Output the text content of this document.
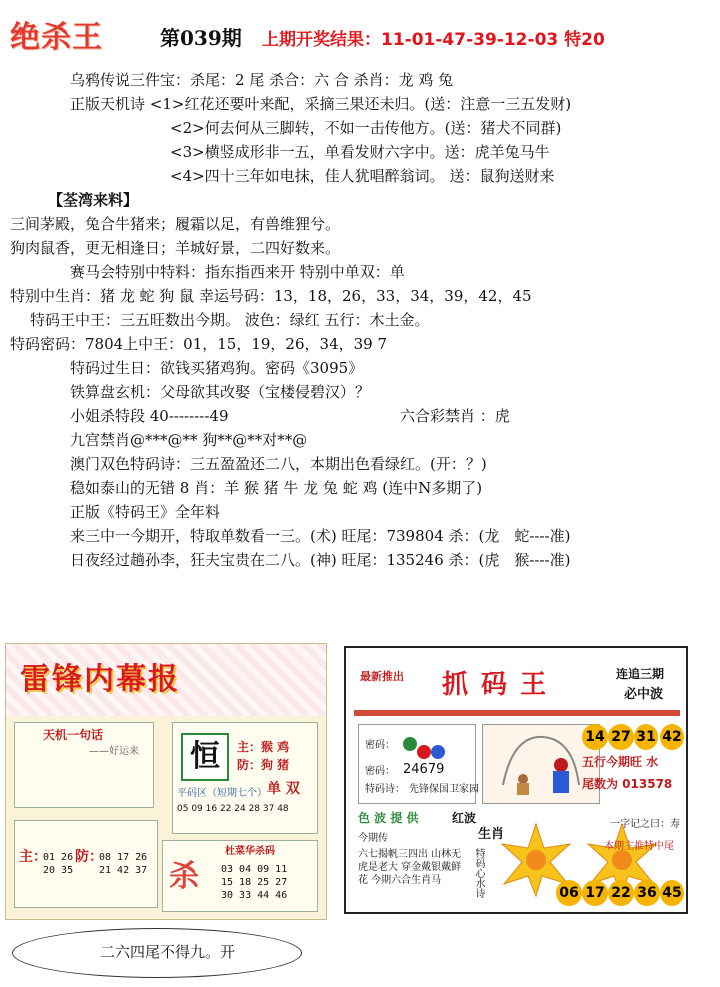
绝杀王	第039期 上期开奖结果：11-01-47-39-12-03 特20
乌鸦传说三件宝：杀尾：2 尾 杀合：六 合 杀肖：龙 鸡 兔
正版天机诗 <1>红花还要叶来配，采摘三果还未归。(送：注意一三五发财)
<2>何去何从三脚转，不如一击传他方。(送：猪犬不同群)
<3>横竖成形非一五，单看发财六字中。送：虎羊兔马牛
<4>四十三年如电抹，佳人犹唱醉翁词。 送：鼠狗送财来
【荃湾来料】
三间茅殿，兔合牛猪来；履霜以足，有兽维狸兮。
狗肉鼠香，更无相逢日；羊城好景，二四好数来。
赛马会特别中特料：指东指西来开 特别中单双：单
特别中生肖：猪 龙 蛇 狗 鼠 幸运号码：13，18，26，33，34，39，42，45
特码王中王：三五旺数出今期。 波色：绿红 五行：木土金。
特码密码：7804上中王：01，15，19，26，34，39 7
特码过生日：欲钱买猪鸡狗。密码《3095》
铁算盘玄机：父母欲其改娶（宝楼侵碧汉）？
小姐杀特段 40--------49	六合彩禁肖 ：虎
九宫禁肖@***@** 狗**@**对**@
澳门双色特码诗：三五盈盈还二八，本期出色看绿红。(开：？)
稳如泰山的无错 8 肖：羊 猴 猪 牛 龙 兔 蛇 鸡 (连中N多期了)
正版《特码王》全年料
来三中一今期开，特取单数看一三。(术) 旺尾：739804 杀：(龙　蛇----准)
日夜经过趟孙李，狂夫宝贵在二八。(神) 旺尾：135246 杀：(虎　猴----准)
雷锋内幕报
天机一句话
——好运来	恒	主：猴 鸡
防：狗 猪
平码区（短期七个）
05 09 16 22 24 28 37 48
单 双
主：
01 26
20 35
防：
08 17 26
21 42 37 杀
杜菜华杀码
03 04 09 11
15 18 25 27
30 33 44 46
最新推出 抓 码 王	连追三期
必中波
密码：
密码： 24679
特码诗： 先锋保国卫家园
14 27 31
五行今期旺 水
尾数为 013578
色 波 提 供	红波
生肖
今期传
六七揭帆三四出 山林无虎是老大 穿金戴银戴鲜花 今期六合生肖马	特码心水诗
一字记之曰：寿
本期主推特中尾
06 17 22 36 45
42
二六四尾不得九。开
